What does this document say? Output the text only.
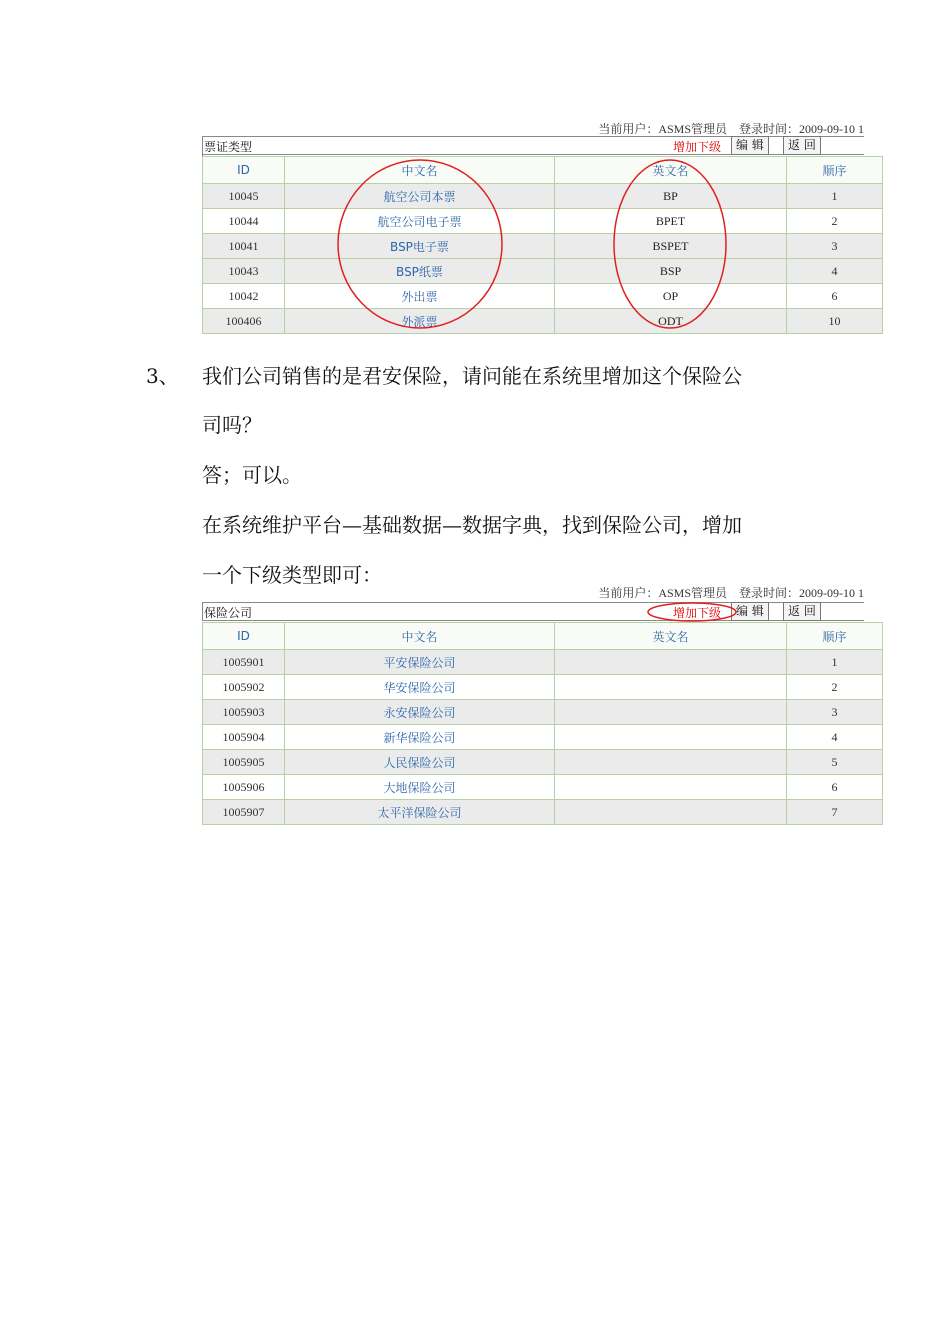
当前用户：ASMS管理员　登录时间：2009-09-10 1
票证类型	增加下级	编 辑	返 回
ID	中文名	英文名	顺序
10045	航空公司本票	BP	1
10044	航空公司电子票	BPET	2
10041	BSP电子票	BSPET	3
10043	BSP纸票	BSP	4
10042	外出票	OP	6
100406	外派票	ODT	10
3、 我们公司销售的是君安保险，请问能在系统里增加这个保险公
司吗？
答；可以。
在系统维护平台—基础数据—数据字典，找到保险公司，增加
一个下级类型即可：
当前用户：ASMS管理员　登录时间：2009-09-10 1
保险公司	增加下级	编 辑	返 回
ID	中文名	英文名	顺序
1005901	平安保险公司		1
1005902	华安保险公司		2
1005903	永安保险公司		3
1005904	新华保险公司		4
1005905	人民保险公司		5
1005906	大地保险公司		6
1005907	太平洋保险公司		7
